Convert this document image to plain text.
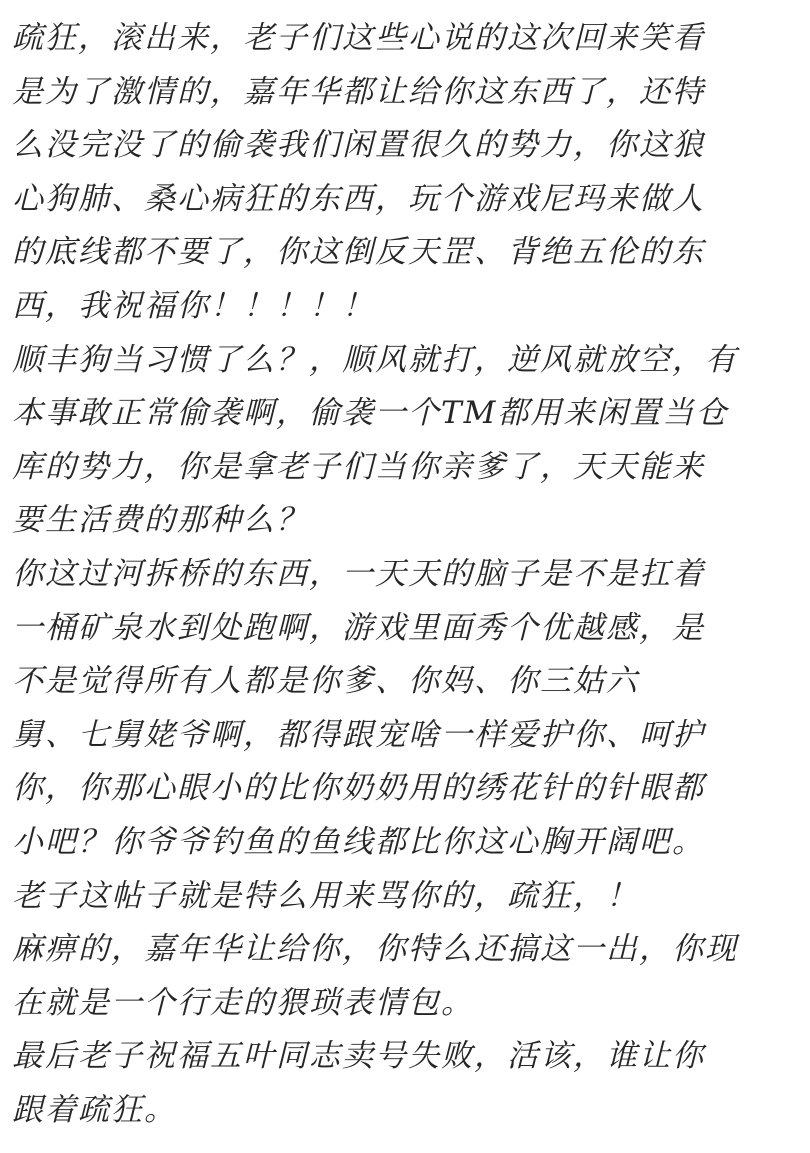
疏狂，滚出来，老子们这些心说的这次回来笑看
是为了激情的，嘉年华都让给你这东西了，还特
么没完没了的偷袭我们闲置很久的势力，你这狼
心狗肺、桑心病狂的东西，玩个游戏尼玛来做人
的底线都不要了，你这倒反天罡、背绝五伦的东
西，我祝福你！！！！！
顺丰狗当习惯了么？，顺风就打，逆风就放空，有
本事敢正常偷袭啊，偷袭一个TM都用来闲置当仓
库的势力，你是拿老子们当你亲爹了，天天能来
要生活费的那种么？
你这过河拆桥的东西，一天天的脑子是不是扛着
一桶矿泉水到处跑啊，游戏里面秀个优越感，是
不是觉得所有人都是你爹、你妈、你三姑六
舅、七舅姥爷啊，都得跟宠啥一样爱护你、呵护
你，你那心眼小的比你奶奶用的绣花针的针眼都
小吧？你爷爷钓鱼的鱼线都比你这心胸开阔吧。
老子这帖子就是特么用来骂你的，疏狂，！
麻痹的，嘉年华让给你，你特么还搞这一出，你现
在就是一个行走的猥琐表情包。
最后老子祝福五叶同志卖号失败，活该，谁让你
跟着疏狂。
